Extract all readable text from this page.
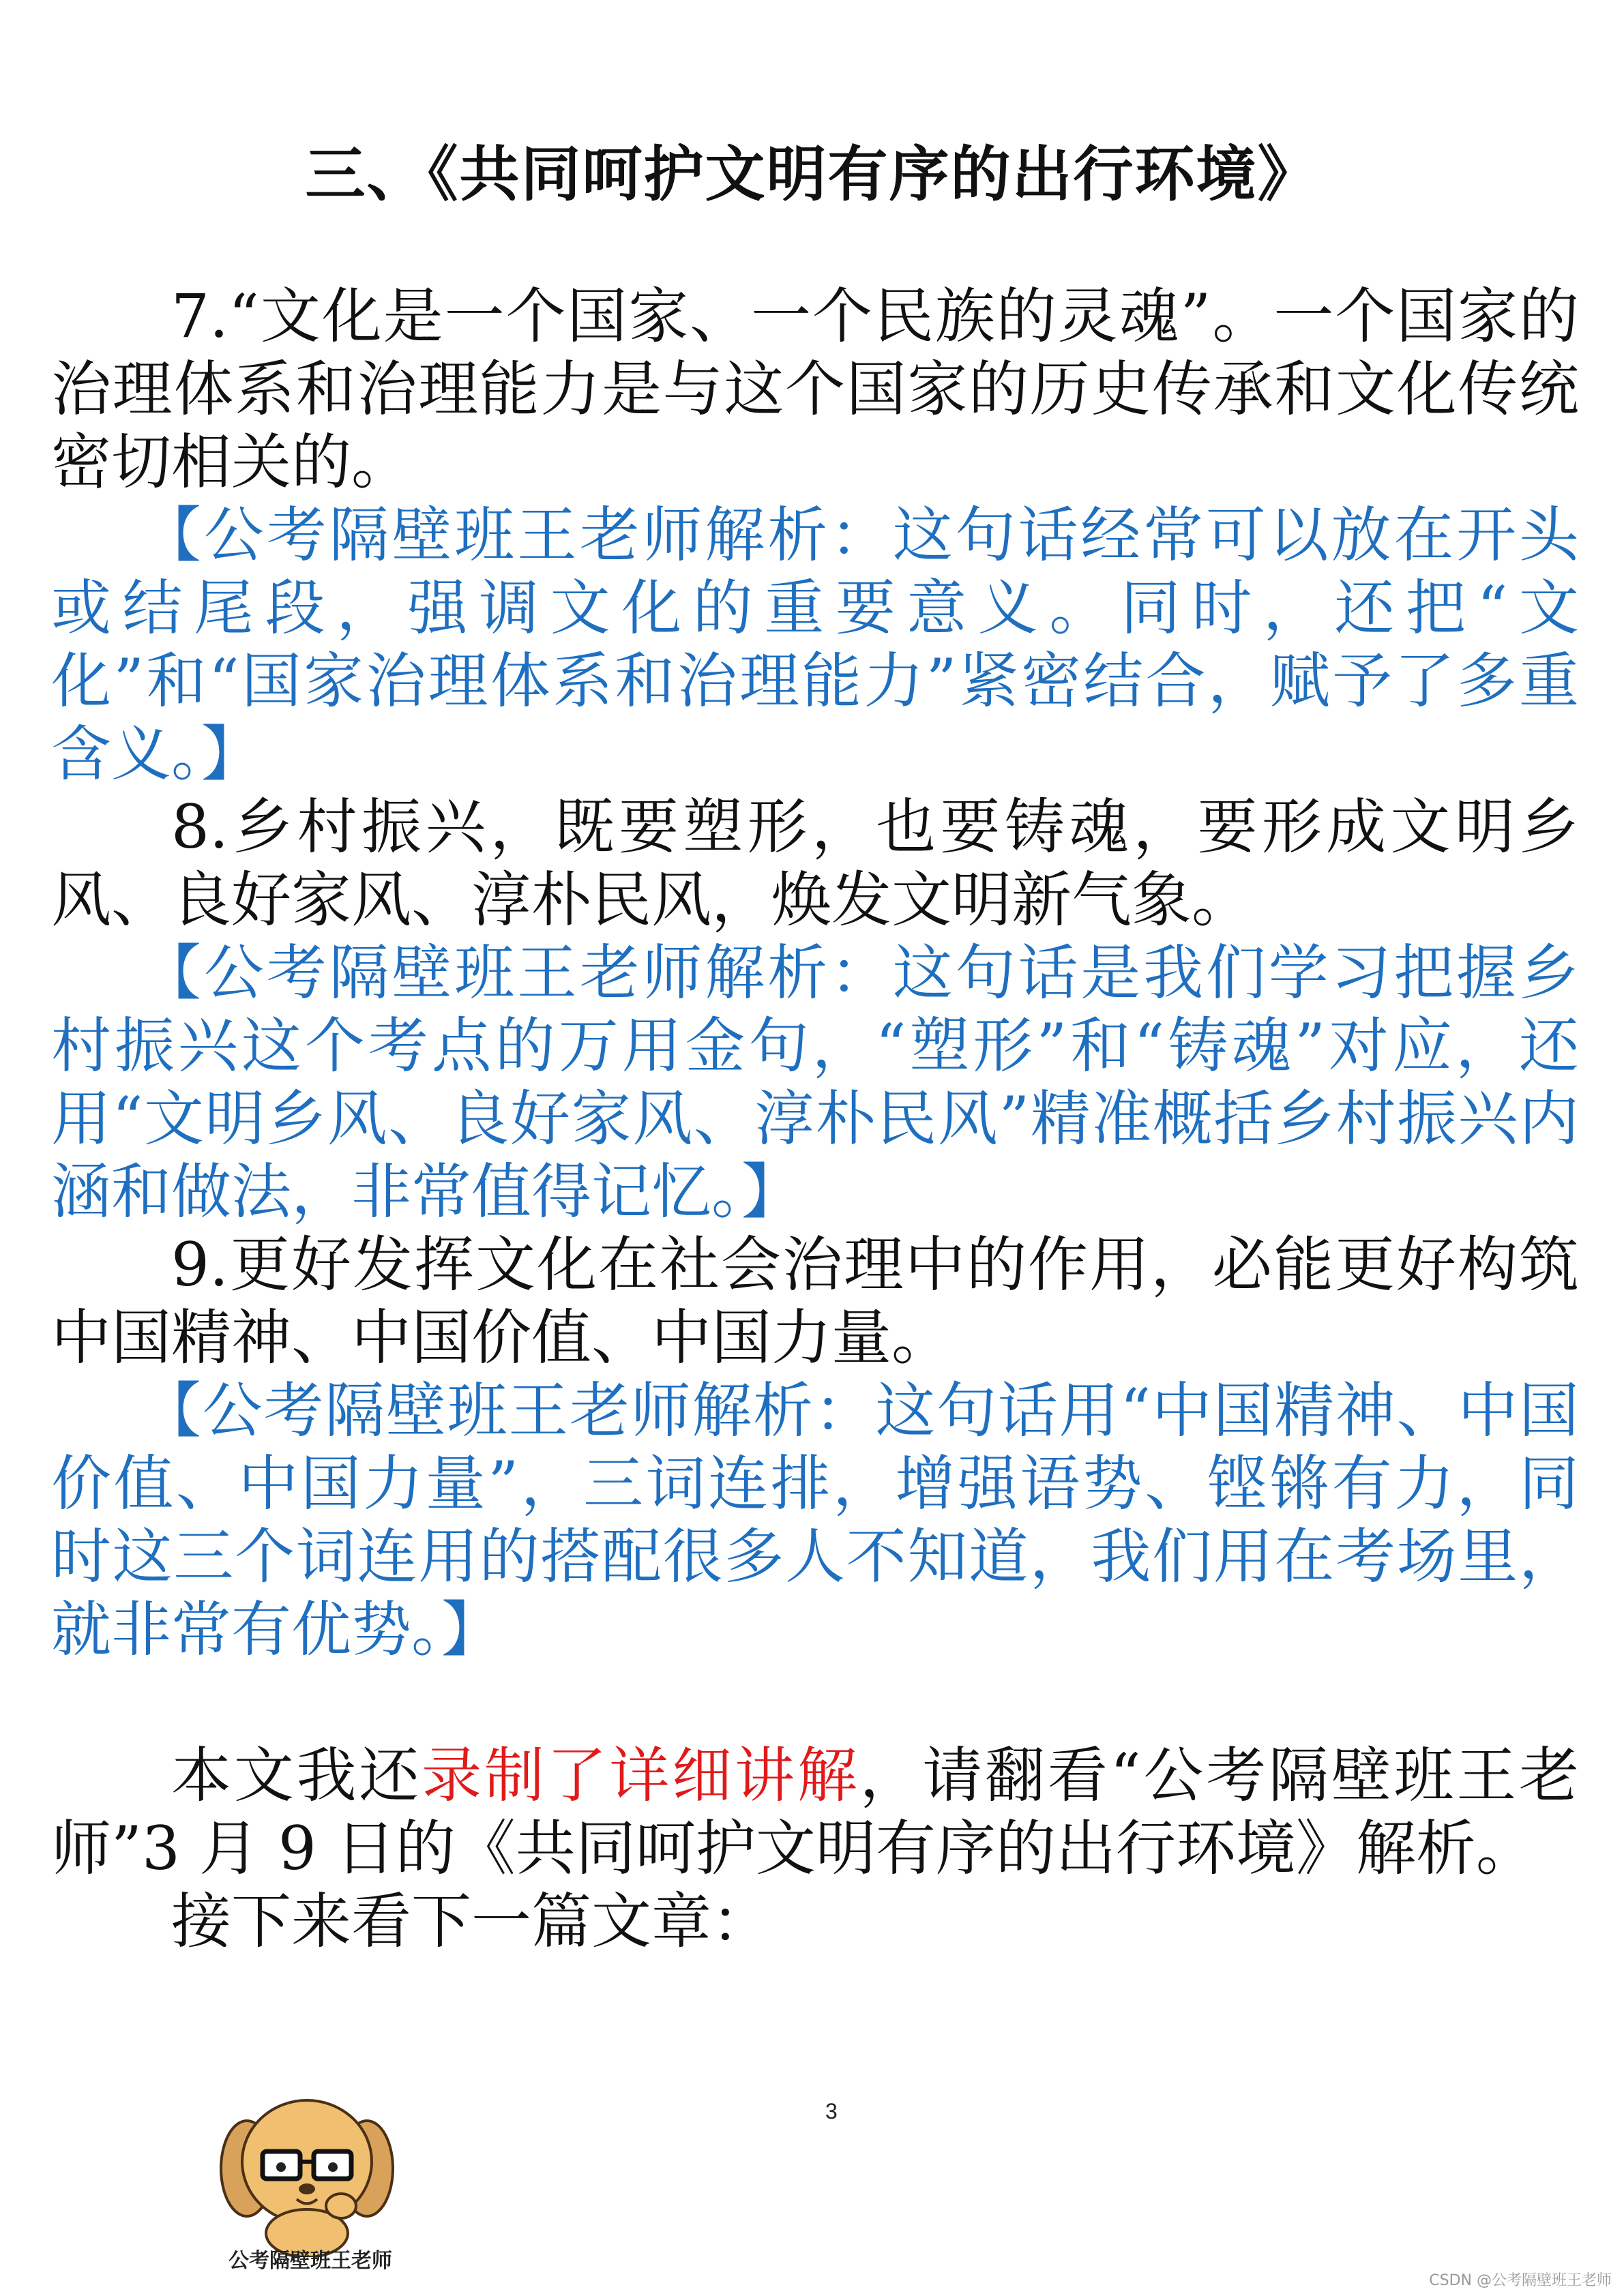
三、《共同呵护文明有序的出行环境》

7.“文化是一个国家、一个民族的灵魂”。一个国家的治理体系和治理能力是与这个国家的历史传承和文化传统密切相关的。

【公考隔壁班王老师解析：这句话经常可以放在开头或结尾段，强调文化的重要意义。同时，还把“文化”和“国家治理体系和治理能力”紧密结合，赋予了多重含义。】

8.乡村振兴，既要塑形，也要铸魂，要形成文明乡风、良好家风、淳朴民风，焕发文明新气象。

【公考隔壁班王老师解析：这句话是我们学习把握乡村振兴这个考点的万用金句，“塑形”和“铸魂”对应，还用“文明乡风、良好家风、淳朴民风”精准概括乡村振兴内涵和做法，非常值得记忆。】

9.更好发挥文化在社会治理中的作用，必能更好构筑中国精神、中国价值、中国力量。

【公考隔壁班王老师解析：这句话用“中国精神、中国价值、中国力量”，三词连排，增强语势、铿锵有力，同时这三个词连用的搭配很多人不知道，我们用在考场里，就非常有优势。】

本文我还录制了详细讲解，请翻看“公考隔壁班王老师”3 月 9 日的《共同呵护文明有序的出行环境》解析。

接下来看下一篇文章：

3
公考隔壁班王老师
CSDN @公考隔壁班王老师
